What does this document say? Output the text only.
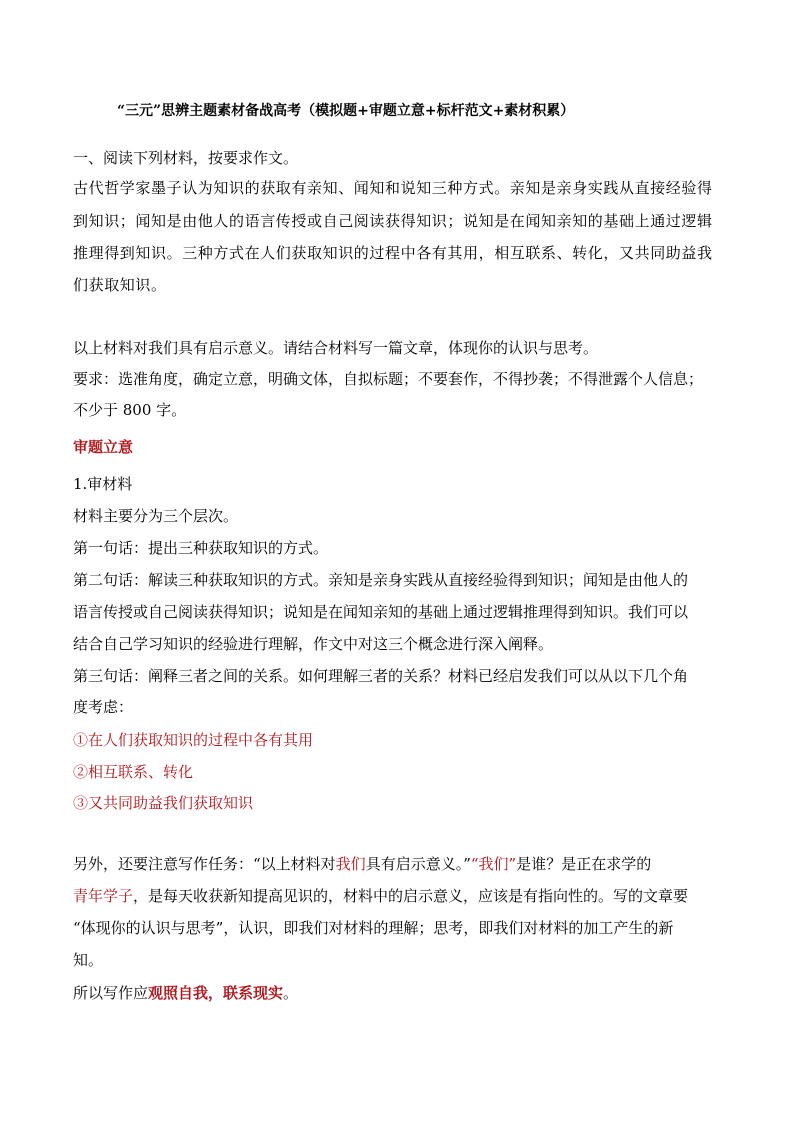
“三元”思辨主题素材备战高考（模拟题+审题立意+标杆范文+素材积累）
一、阅读下列材料，按要求作文。
古代哲学家墨子认为知识的获取有亲知、闻知和说知三种方式。亲知是亲身实践从直接经验得
到知识；闻知是由他人的语言传授或自己阅读获得知识；说知是在闻知亲知的基础上通过逻辑
推理得到知识。三种方式在人们获取知识的过程中各有其用，相互联系、转化，又共同助益我
们获取知识。
以上材料对我们具有启示意义。请结合材料写一篇文章，体现你的认识与思考。
要求：选准角度，确定立意，明确文体，自拟标题；不要套作，不得抄袭；不得泄露个人信息；
不少于 800 字。
审题立意
1.审材料
材料主要分为三个层次。
第一句话：提出三种获取知识的方式。
第二句话：解读三种获取知识的方式。亲知是亲身实践从直接经验得到知识；闻知是由他人的
语言传授或自己阅读获得知识；说知是在闻知亲知的基础上通过逻辑推理得到知识。我们可以
结合自己学习知识的经验进行理解，作文中对这三个概念进行深入阐释。
第三句话：阐释三者之间的关系。如何理解三者的关系？材料已经启发我们可以从以下几个角
度考虑：
①在人们获取知识的过程中各有其用
②相互联系、转化
③又共同助益我们获取知识
另外，还要注意写作任务：“以上材料对我们具有启示意义。”“我们”是谁？是正在求学的
青年学子，是每天收获新知提高见识的，材料中的启示意义，应该是有指向性的。写的文章要
“体现你的认识与思考”，认识，即我们对材料的理解；思考，即我们对材料的加工产生的新
知。
所以写作应观照自我，联系现实。
